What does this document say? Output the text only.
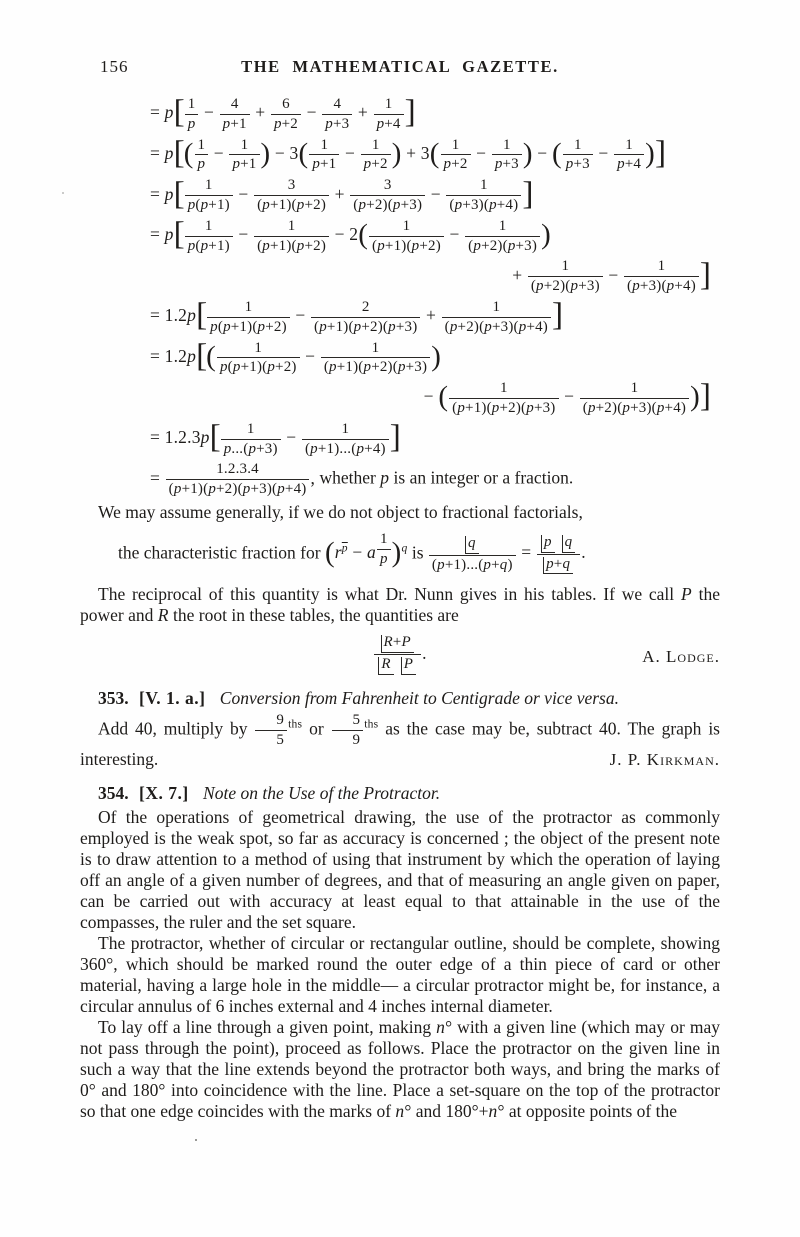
156	THE MATHEMATICAL GAZETTE.
= $p[ \frac{1}{p} - \frac{4}{p+1} + \frac{6}{p+2} - \frac{4}{p+3} + \frac{1}{p+4}$ ]
= $p[( \frac{1}{p} - \frac{1}{p+1}$ ) − $3( \frac{1}{p+1} - \frac{1}{p+2}$ ) + $3( \frac{1}{p+2} - \frac{1}{p+3}$ ) − ( $\frac{1}{p+3} - \frac{1}{p+4}$ )]
= $p[ \frac{1}{p(p+1)} - \frac{3}{(p+1)(p+2)} + \frac{3}{(p+2)(p+3)} - \frac{1}{(p+3)(p+4)}$ ]
= $p[ \frac{1}{p(p+1)} - \frac{1}{(p+1)(p+2)} - 2( \frac{1}{(p+1)(p+2)} - \frac{1}{(p+2)(p+3)}$ )
+ $\frac{1}{(p+2)(p+3)} - \frac{1}{(p+3)(p+4)}$ ]
= $1.2p[ \frac{1}{p(p+1)(p+2)} - \frac{2}{(p+1)(p+2)(p+3)} + \frac{1}{(p+2)(p+3)(p+4)}$ ]
= $1.2p[( \frac{1}{p(p+1)(p+2)} - \frac{1}{(p+1)(p+2)(p+3)}$ )
− ( $\frac{1}{(p+1)(p+2)(p+3)} - \frac{1}{(p+2)(p+3)(p+4)}$ )]
= $1.2.3p[ \frac{1}{p...(p+3)} - \frac{1}{(p+1)...(p+4)}$ ]
= $\frac{1.2.3.4}{(p+1)(p+2)(p+3)(p+4)}$ , whether p is an integer or a fraction.

We may assume generally, if we do not object to fractional factorials,

the characteristic fraction for ($r^{\overline{p}} - a$ $^{\frac{1}{p}}$ )$^q$ is $\frac{q}{(p+1)...(p+q)} = \frac{\text{p q}}{p+q}$ .

The reciprocal of this quantity is what Dr. Nunn gives in his tables. If we call P the power and R the root in these tables, the quantities are

$\frac{R+P}{\text{R P}}$ .	A. Lodge.
353. [V. 1. a.] Conversion from Fahrenheit to Centigrade or vice versa.

Add 40, multiply by $\frac{9}{5} ^{ths}$ or $\frac{5}{9} ^{ths}$ as the case may be, subtract 40. The graph is interesting.	J. P. Kirkman.
354. [X. 7.] Note on the Use of the Protractor.

Of the operations of geometrical drawing, the use of the protractor as commonly employed is the weak spot, so far as accuracy is concerned ; the object of the present note is to draw attention to a method of using that instrument by which the operation of laying off an angle of a given number of degrees, and that of measuring an angle given on paper, can be carried out with accuracy at least equal to that attainable in the use of the compasses, the ruler and the set square.

The protractor, whether of circular or rectangular outline, should be complete, showing 360°, which should be marked round the outer edge of a thin piece of card or other material, having a large hole in the middle— a circular protractor might be, for instance, a circular annulus of 6 inches external and 4 inches internal diameter.

To lay off a line through a given point, making n° with a given line (which may or may not pass through the point), proceed as follows. Place the protractor on the given line in such a way that the line extends beyond the protractor both ways, and bring the marks of 0° and 180° into coincidence with the line. Place a set-square on the top of the protractor so that one edge coincides with the marks of n° and 180°+n° at opposite points of the
